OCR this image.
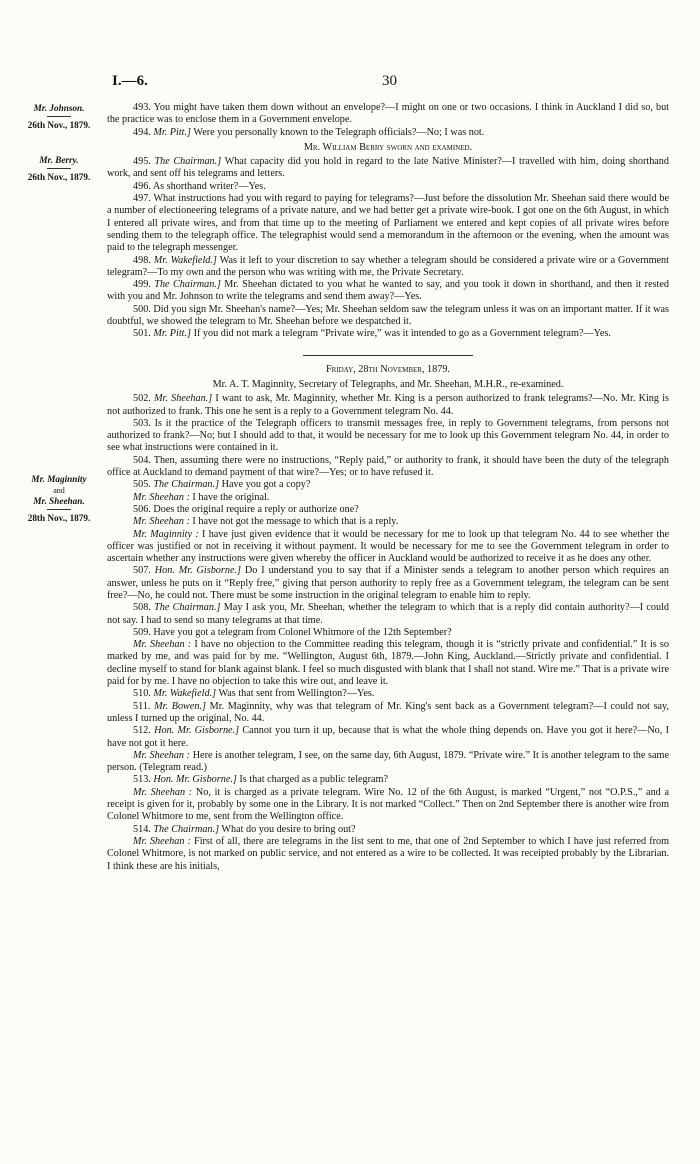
I.—6.	30
Mr. Johnson.
26th Nov., 1879.
Mr. Berry.
26th Nov., 1879.
Mr. Maginnity
and
Mr. Sheehan.
28th Nov., 1879.

493. You might have taken them down without an envelope?—I might on one or two occasions. I think in Auckland I did so, but the practice was to enclose them in a Government envelope.

494. Mr. Pitt.] Were you personally known to the Telegraph officials?—No; I was not.

Mr. William Berry sworn and examined.

495. The Chairman.] What capacity did you hold in regard to the late Native Minister?—I travelled with him, doing shorthand work, and sent off his telegrams and letters.

496. As shorthand writer?—Yes.

497. What instructions had you with regard to paying for telegrams?—Just before the dissolution Mr. Sheehan said there would be a number of electioneering telegrams of a private nature, and we had better get a private wire-book. I got one on the 6th August, in which I entered all private wires, and from that time up to the meeting of Parliament we entered and kept copies of all private wires before sending them to the telegraph office. The telegraphist would send a memorandum in the afternoon or the evening, when the amount was paid to the telegraph messenger.

498. Mr. Wakefield.] Was it left to your discretion to say whether a telegram should be considered a private wire or a Government telegram?—To my own and the person who was writing with me, the Private Secretary.

499. The Chairman.] Mr. Sheehan dictated to you what he wanted to say, and you took it down in shorthand, and then it rested with you and Mr. Johnson to write the telegrams and send them away?—Yes.

500. Did you sign Mr. Sheehan's name?—Yes; Mr. Sheehan seldom saw the telegram unless it was on an important matter. If it was doubtful, we showed the telegram to Mr. Sheehan before we despatched it.

501. Mr. Pitt.] If you did not mark a telegram “Private wire,” was it intended to go as a Government telegram?—Yes.

Friday, 28th November, 1879.

Mr. A. T. Maginnity, Secretary of Telegraphs, and Mr. Sheehan, M.H.R., re-examined.

502. Mr. Sheehan.] I want to ask, Mr. Maginnity, whether Mr. King is a person authorized to frank telegrams?—No. Mr. King is not authorized to frank. This one he sent is a reply to a Government telegram No. 44.

503. Is it the practice of the Telegraph officers to transmit messages free, in reply to Government telegrams, from persons not authorized to frank?—No; but I should add to that, it would be necessary for me to look up this Government telegram No. 44, in order to see what instructions were contained in it.

504. Then, assuming there were no instructions, “Reply paid,” or authority to frank, it should have been the duty of the telegraph office at Auckland to demand payment of that wire?—Yes; or to have refused it.

505. The Chairman.] Have you got a copy?

Mr. Sheehan : I have the original.

506. Does the original require a reply or authorize one?

Mr. Sheehan : I have not got the message to which that is a reply.

Mr. Maginnity : I have just given evidence that it would be necessary for me to look up that telegram No. 44 to see whether the officer was justified or not in receiving it without payment. It would be necessary for me to see the Government telegram in order to ascertain whether any instructions were given whereby the officer in Auckland would be authorized to receive it as he does any other.

507. Hon. Mr. Gisborne.] Do I understand you to say that if a Minister sends a telegram to another person which requires an answer, unless he puts on it “Reply free,” giving that person authority to reply free as a Government telegram, the telegram can be sent free?—No, he could not. There must be some instruction in the original telegram to enable him to reply.

508. The Chairman.] May I ask you, Mr. Sheehan, whether the telegram to which that is a reply did contain authority?—I could not say. I had to send so many telegrams at that time.

509. Have you got a telegram from Colonel Whitmore of the 12th September?

Mr. Sheehan : I have no objection to the Committee reading this telegram, though it is “strictly private and confidential.” It is so marked by me, and was paid for by me. “Wellington, August 6th, 1879.—John King, Auckland.—Strictly private and confidential. I decline myself to stand for blank against blank. I feel so much disgusted with blank that I shall not stand. Wire me.” That is a private wire paid for by me. I have no objection to take this wire out, and leave it.

510. Mr. Wakefield.] Was that sent from Wellington?—Yes.

511. Mr. Bowen.] Mr. Maginnity, why was that telegram of Mr. King's sent back as a Government telegram?—I could not say, unless I turned up the original, No. 44.

512. Hon. Mr. Gisborne.] Cannot you turn it up, because that is what the whole thing depends on. Have you got it here?—No, I have not got it here.

Mr. Sheehan : Here is another telegram, I see, on the same day, 6th August, 1879. “Private wire.” It is another telegram to the same person. (Telegram read.)

513. Hon. Mr. Gisborne.] Is that charged as a public telegram?

Mr. Sheehan : No, it is charged as a private telegram. Wire No. 12 of the 6th August, is marked “Urgent,” not “O.P.S.,” and a receipt is given for it, probably by some one in the Library. It is not marked “Collect.” Then on 2nd September there is another wire from Colonel Whitmore to me, sent from the Wellington office.

514. The Chairman.] What do you desire to bring out?

Mr. Sheehan : First of all, there are telegrams in the list sent to me, that one of 2nd September to which I have just referred from Colonel Whitmore, is not marked on public service, and not entered as a wire to be collected. It was receipted probably by the Librarian. I think these are his initials,
